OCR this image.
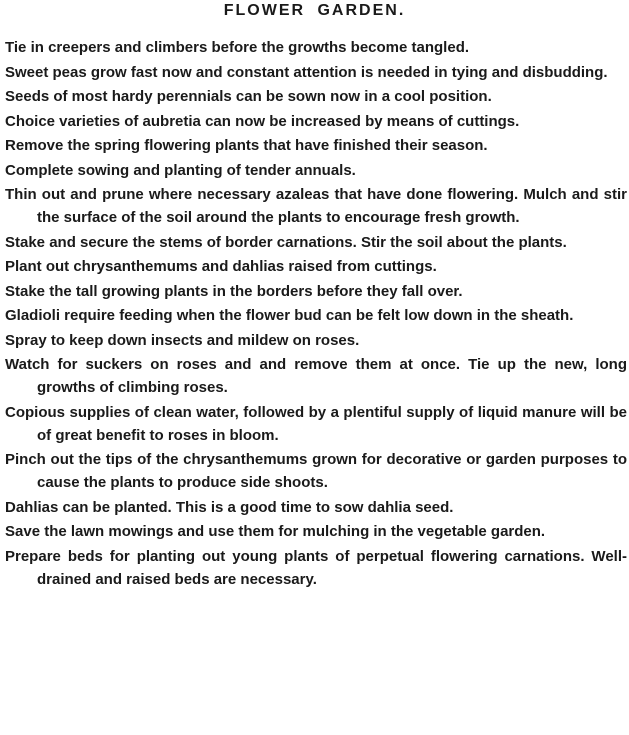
FLOWER GARDEN.
Tie in creepers and climbers before the growths become tangled.
Sweet peas grow fast now and constant attention is needed in tying and disbudding.
Seeds of most hardy perennials can be sown now in a cool position.
Choice varieties of aubretia can now be increased by means of cuttings.
Remove the spring flowering plants that have finished their season.
Complete sowing and planting of tender annuals.
Thin out and prune where necessary azaleas that have done flowering. Mulch and stir the surface of the soil around the plants to encourage fresh growth.
Stake and secure the stems of border carnations. Stir the soil about the plants.
Plant out chrysanthemums and dahlias raised from cuttings.
Stake the tall growing plants in the borders before they fall over.
Gladioli require feeding when the flower bud can be felt low down in the sheath.
Spray to keep down insects and mildew on roses.
Watch for suckers on roses and and remove them at once. Tie up the new, long growths of climbing roses.
Copious supplies of clean water, followed by a plentiful supply of liquid manure will be of great benefit to roses in bloom.
Pinch out the tips of the chrysanthemums grown for decorative or garden purposes to cause the plants to produce side shoots.
Dahlias can be planted. This is a good time to sow dahlia seed.
Save the lawn mowings and use them for mulching in the vegetable garden.
Prepare beds for planting out young plants of perpetual flowering carnations. Well-drained and raised beds are necessary.
